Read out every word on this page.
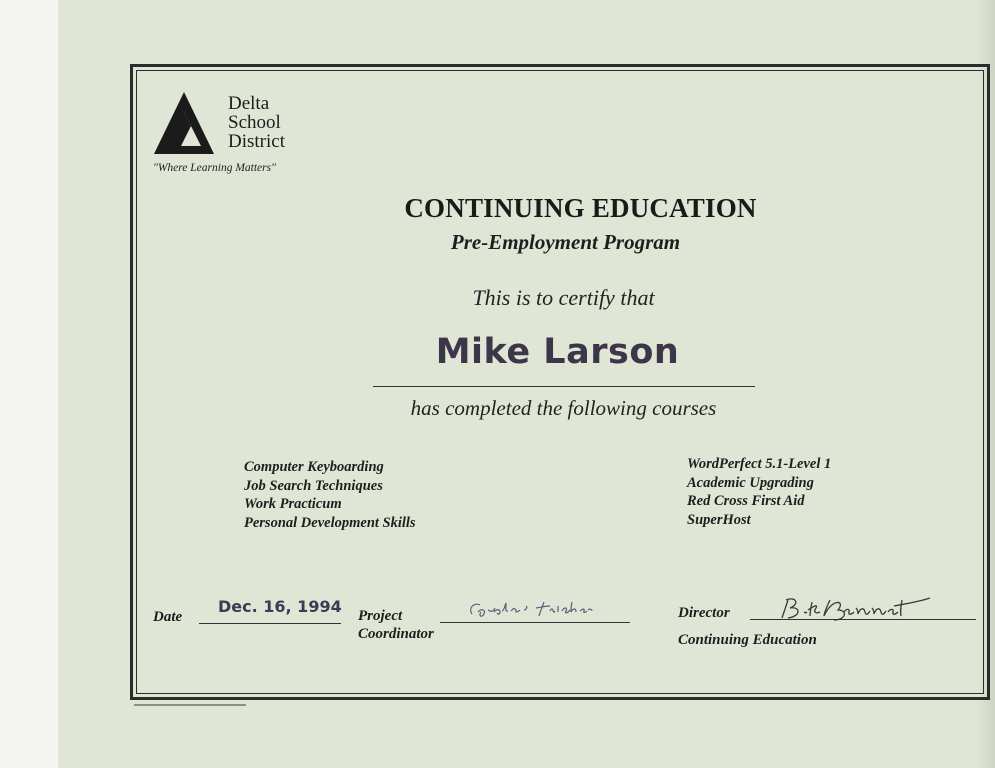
Delta
School
District
"Where Learning Matters"
CONTINUING EDUCATION
Pre-Employment Program
This is to certify that
Mike Larson
has completed the following courses
Computer Keyboarding
Job Search Techniques
Work Practicum
Personal Development Skills
WordPerfect 5.1-Level 1
Academic Upgrading
Red Cross First Aid
SuperHost
Date
Dec. 16, 1994 Project
Coordinator
Director
Continuing Education
